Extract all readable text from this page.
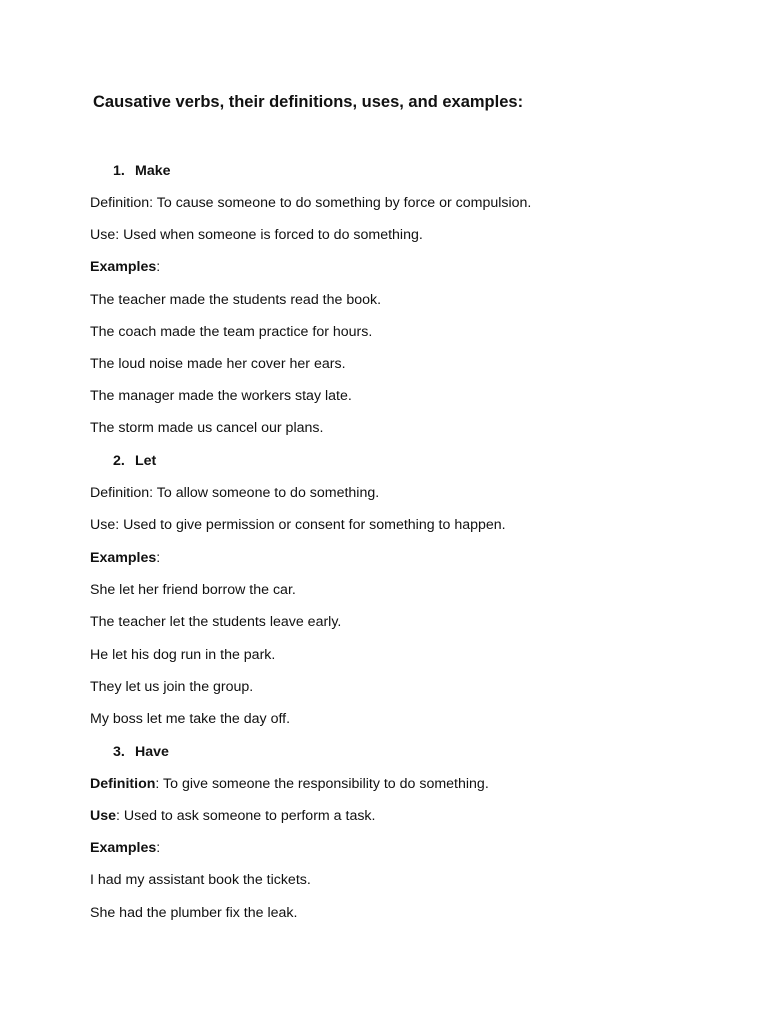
Causative verbs, their definitions, uses, and examples:
1. Make
Definition: To cause someone to do something by force or compulsion.
Use: Used when someone is forced to do something.
Examples:
The teacher made the students read the book.
The coach made the team practice for hours.
The loud noise made her cover her ears.
The manager made the workers stay late.
The storm made us cancel our plans.
2. Let
Definition: To allow someone to do something.
Use: Used to give permission or consent for something to happen.
Examples:
She let her friend borrow the car.
The teacher let the students leave early.
He let his dog run in the park.
They let us join the group.
My boss let me take the day off.
3. Have
Definition: To give someone the responsibility to do something.
Use: Used to ask someone to perform a task.
Examples:
I had my assistant book the tickets.
She had the plumber fix the leak.
